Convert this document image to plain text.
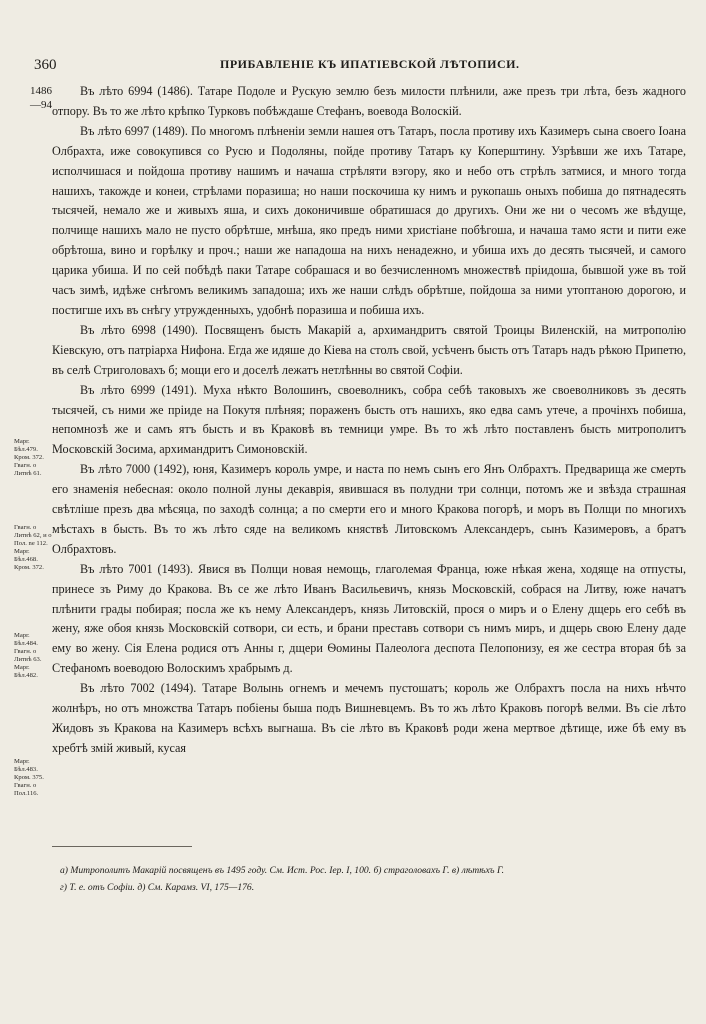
360	ПРИБАВЛЕНІЕ КЪ ИПАТІЕВСКОЙ ЛѢТОПИСИ.
1486
—94
Марг. Бѣл.479. Кром. 372. Гвагн. о Литвѣ 61.
Гвагн. о Литвѣ 62, и о Пол. ne 112. Марг. Бѣл.468. Кром. 372.
Марг. Бѣл.484. Гвагн. о Литвѣ 63. Марг. Бѣл.482.
Марг. Бѣл.483. Кром. 375. Гвагн. о Пол.116.

Въ лѣто 6994 (1486). Татаре Подоле и Рускую землю безъ милости плѣнили, аже презъ три лѣта, безъ жадного отпору. Въ то же лѣто крѣпко Турковъ побѣждаше Стефанъ, воевода Волоскій.

Въ лѣто 6997 (1489). По многомъ плѣненіи земли нашея отъ Татаръ, посла противу ихъ Казимеръ сына своего Іоана Олбрахта, иже совокупився со Русю и Подоляны, пойде противу Татаръ ку Коперштину. Узрѣвши же ихъ Татаре, исполчишася и пойдоша противу нашимъ и начаша стрѣляти вэгору, яко и небо отъ стрѣлъ затмися, и много тогда нашихъ, такожде и конеи, стрѣлами поразиша; но наши поскочиша ку нимъ и рукопашь оныхъ побиша до пятнадесять тысячей, немало же и живыхъ яша, и сихъ доконичивше обратишася до другихъ. Они же ни о чесомъ же вѣдуще, полчище нашихъ мало не пусто обрѣтше, мнѣша, яко предъ ними христіане побѣгоша, и начаша тамо ясти и пити еже обрѣтоша, вино и горѣлку и проч.; наши же нападоша на нихъ ненадежно, и убиша ихъ до десять тысячей, и самого царика убиша. И по сей побѣдѣ паки Татаре собрашася и во безчисленномъ множествѣ пріидоша, бывшой уже въ той часъ зимѣ, идѣже снѣгомъ великимъ западоша; ихъ же наши слѣдъ обрѣтше, пойдоша за ними утоптаною дорогою, и постигше ихъ въ снѣгу утружденныхъ, удобнѣ поразиша и побиша ихъ.

Въ лѣто 6998 (1490). Посвященъ бысть Макарій а, архимандритъ святой Троицы Виленскій, на митрополію Кіевскую, отъ патріарха Нифона. Егда же идяше до Кіева на столъ свой, усѣченъ бысть отъ Татаръ надъ рѣкою Припетю, въ селѣ Стриголовахъ б; мощи его и доселѣ лежатъ нетлѣнны во святой Софіи.

Въ лѣто 6999 (1491). Муха нѣкто Волошинъ, своеволникъ, собра себѣ таковыхъ же своеволниковъ зъ десять тысячей, съ ними же пріиде на Покутя плѣняя; пораженъ бысть отъ нашихъ, яко едва самъ утече, а прочінхъ побиша, непомнозѣ же и самъ ятъ бысть и въ Краковѣ въ темници умре. Въ то жѣ лѣто поставленъ бысть митрополитъ Московскій Зосима, архимандритъ Симоновскій.

Въ лѣто 7000 (1492), юня, Казимеръ король умре, и наста по немъ сынъ его Янъ Олбрахтъ. Предварища же смерть его знаменія небесная: около полной луны декаврія, явившася въ полудни три солнци, потомъ же и звѣзда страшная свѣтліше презъ два мѣсяца, по заходѣ солнца; а по смерти его и много Кракова погорѣ, и моръ въ Полщи по многихъ мѣстахъ в бысть. Въ то жъ лѣто сяде на великомъ княствѣ Литовскомъ Александеръ, сынъ Казимеровъ, а братъ Олбрахтовъ.

Въ лѣто 7001 (1493). Явися въ Полщи новая немощь, глаголемая Франца, юже нѣкая жена, ходяще на отпусты, принесе зъ Риму до Кракова. Въ се же лѣто Иванъ Васильевичъ, князь Московскій, собрася на Литву, юже начатъ плѣнити грады побирая; посла же къ нему Александеръ, князь Литовскій, прося о миръ и о Елену дщерь его себѣ въ жену, яже обоя князь Московскій сотвори, си есть, и брани преставъ сотвори съ нимъ миръ, и дщерь свою Елену даде ему во жену. Сія Елена родися отъ Анны г, дщери Ѳомины Палеолога деспота Пелопонизу, ея же сестра вторая бѣ за Стефаномъ воеводою Волоскимъ храбрымъ д.

Въ лѣто 7002 (1494). Татаре Волынь огнемъ и мечемъ пустошатъ; король же Олбрахтъ посла на нихъ нѣчто жолнѣръ, но отъ множства Татаръ побіены быша подъ Вишневцемъ. Въ то жъ лѣто Краковъ погорѣ велми. Въ сіе лѣто Жидовъ зъ Кракова на Казимеръ всѣхъ выгнаша. Въ сіе лѣто въ Краковѣ роди жена мертвое дѣтище, иже бѣ ему въ хребтѣ змій живый, кусая

а) Митрополитъ Макарій посвященъ въ 1495 году. См. Ист. Рос. Іер. I, 100. б) страголовахъ Г. в) лѣтѣхъ Г.

г) Т. е. отъ Софіи. д) См. Карамз. VI, 175—176.
